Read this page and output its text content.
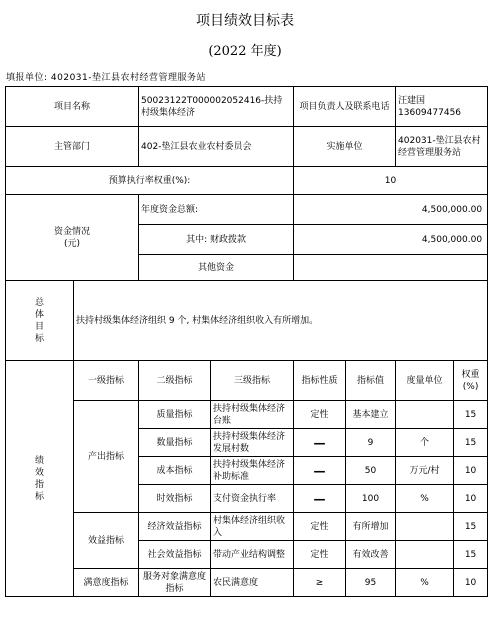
项目绩效目标表
(2022 年度)
填报单位: 402031-垫江县农村经营管理服务站
项目名称		50023122T000002052416-扶持村级集体经济		项目负责人及联系电话		汪建国 13609477456	
主管部门		402-垫江县农业农村委员会		实施单位		402031-垫江县农村经营管理服务站	
预算执行率权重(%):				10			
资金情况
(元)		年度资金总额:		4,500,000.00			
		其中: 财政拨款		4,500,000.00			
		其他资金					
总
体
目
标	扶持村级集体经济组织 9 个, 村集体经济组织收入有所增加。						
绩
效
指
标	一级指标	二级指标	三级指标	指标性质	指标值	度量单位	权重(%)
	产出指标	质量指标	扶持村级集体经济台账	定性	基本建立		15
		数量指标	扶持村级集体经济发展村数	—	9	个	15
		成本指标	扶持村级集体经济补助标准	—	50	万元/村	10
		时效指标	支付资金执行率	—	100	%	10
	效益指标	经济效益指标	村集体经济组织收入	定性	有所增加		15
		社会效益指标	带动产业结构调整	定性	有效改善		15
	满意度指标	服务对象满意度指标	农民满意度	≥	95	%	10
